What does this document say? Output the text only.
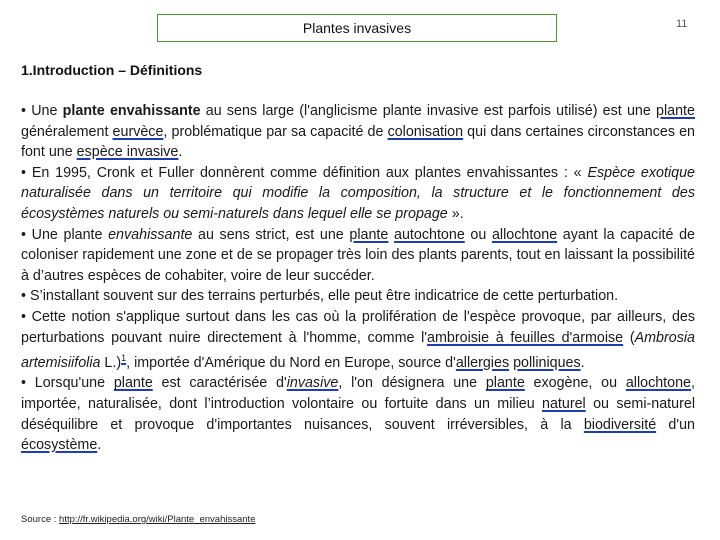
Plantes invasives	11
1.Introduction – Définitions

• Une plante envahissante au sens large (l'anglicisme plante invasive est parfois utilisé) est une plante généralement eurvèce, problématique par sa capacité de colonisation qui dans certaines circonstances en font une espèce invasive.

• En 1995, Cronk et Fuller donnèrent comme définition aux plantes envahissantes : « Espèce exotique naturalisée dans un territoire qui modifie la composition, la structure et le fonctionnement des écosystèmes naturels ou semi-naturels dans lequel elle se propage ».

• Une plante envahissante au sens strict, est une plante autochtone ou allochtone ayant la capacité de coloniser rapidement une zone et de se propager très loin des plants parents, tout en laissant la possibilité à d’autres espèces de cohabiter, voire de leur succéder.

• S’installant souvent sur des terrains perturbés, elle peut être indicatrice de cette perturbation.

• Cette notion s'applique surtout dans les cas où la prolifération de l'espèce provoque, par ailleurs, des perturbations pouvant nuire directement à l'homme, comme l'ambroisie à feuilles d'armoise (Ambrosia artemisiifolia L.)$^1$, importée d'Amérique du Nord en Europe, source d'allergies polliniques.

• Lorsqu'une plante est caractérisée d'invasive, l'on désignera une plante exogène, ou allochtone, importée, naturalisée, dont l’introduction volontaire ou fortuite dans un milieu naturel ou semi-naturel déséquilibre et provoque d'importantes nuisances, souvent irréversibles, à la biodiversité d'un écosystème.

Source : http://fr.wikipedia.org/wiki/Plante_envahissante
